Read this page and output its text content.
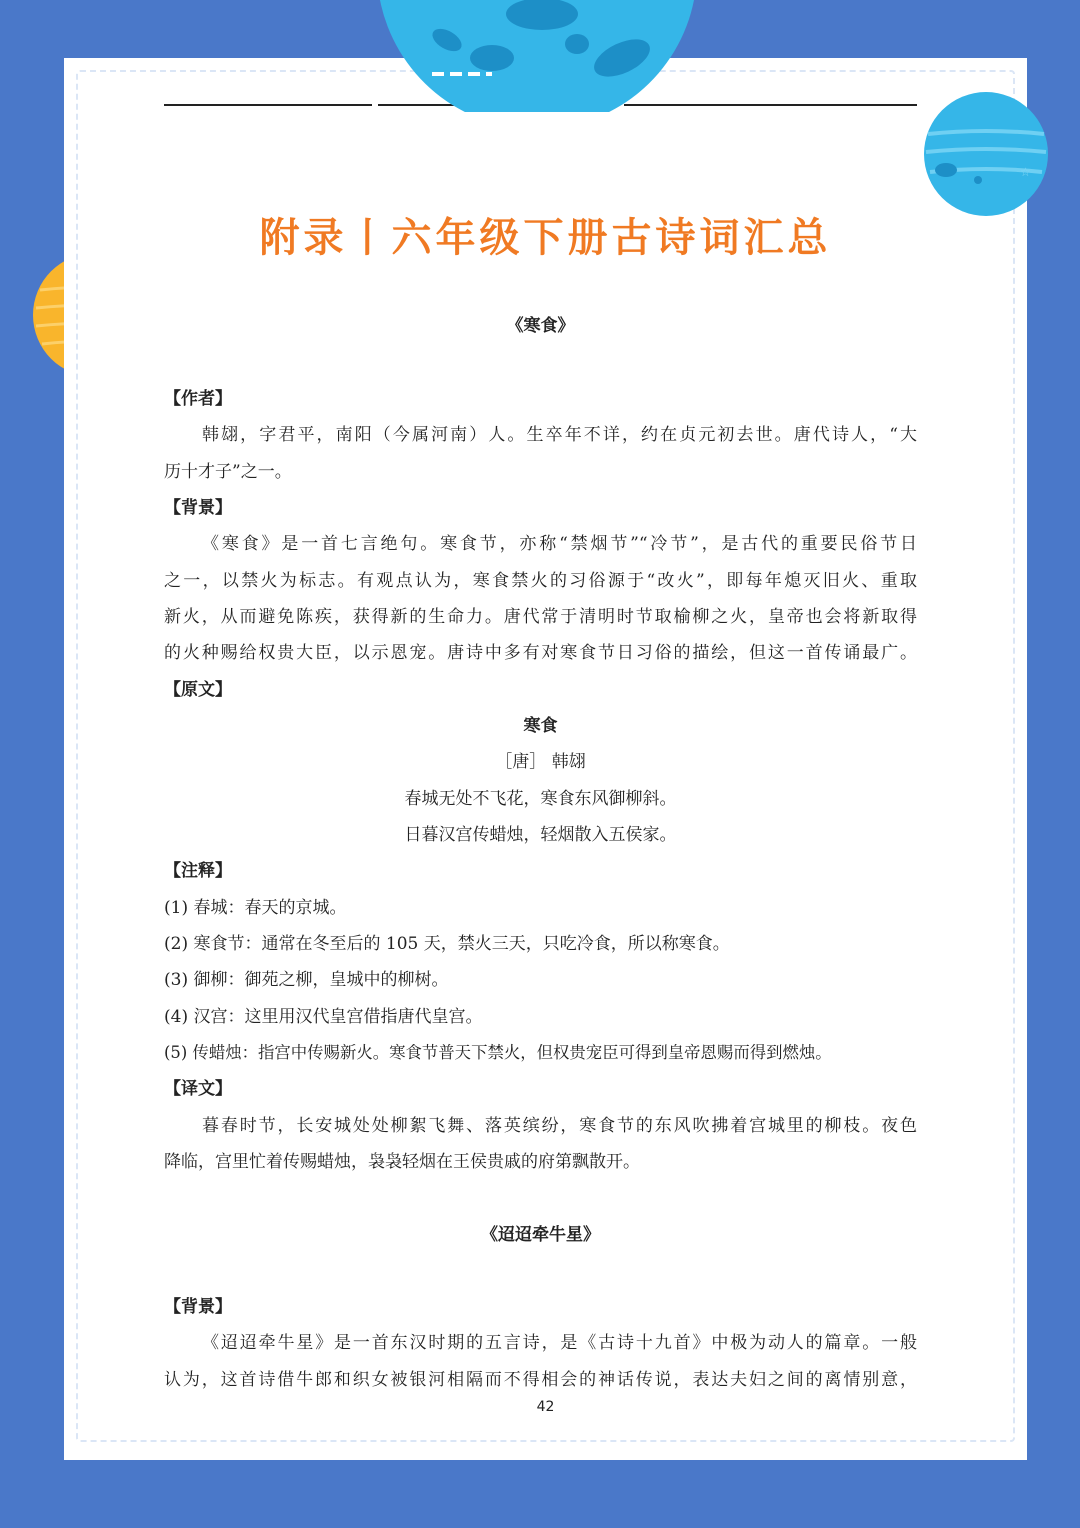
附录丨六年级下册古诗词汇总
《寒食》
【作者】
韩翃，字君平，南阳（今属河南）人。生卒年不详，约在贞元初去世。唐代诗人，“大
历十才子”之一。
【背景】
《寒食》是一首七言绝句。寒食节，亦称“禁烟节”“冷节”，是古代的重要民俗节日
之一，以禁火为标志。有观点认为，寒食禁火的习俗源于“改火”，即每年熄灭旧火、重取
新火，从而避免陈疾，获得新的生命力。唐代常于清明时节取榆柳之火，皇帝也会将新取得
的火种赐给权贵大臣，以示恩宠。唐诗中多有对寒食节日习俗的描绘，但这一首传诵最广。
【原文】
寒食
［唐］ 韩翃
春城无处不飞花，寒食东风御柳斜。
日暮汉宫传蜡烛，轻烟散入五侯家。
【注释】
(1) 春城：春天的京城。
(2) 寒食节：通常在冬至后的 105 天，禁火三天，只吃冷食，所以称寒食。
(3) 御柳：御苑之柳，皇城中的柳树。
(4) 汉宫：这里用汉代皇宫借指唐代皇宫。
(5) 传蜡烛：指宫中传赐新火。寒食节普天下禁火，但权贵宠臣可得到皇帝恩赐而得到燃烛。
【译文】
暮春时节，长安城处处柳絮飞舞、落英缤纷，寒食节的东风吹拂着宫城里的柳枝。夜色
降临，宫里忙着传赐蜡烛，袅袅轻烟在王侯贵戚的府第飘散开。
《迢迢牵牛星》
【背景】
《迢迢牵牛星》是一首东汉时期的五言诗，是《古诗十九首》中极为动人的篇章。一般
认为，这首诗借牛郎和织女被银河相隔而不得相会的神话传说，表达夫妇之间的离情别意，
42
☆
